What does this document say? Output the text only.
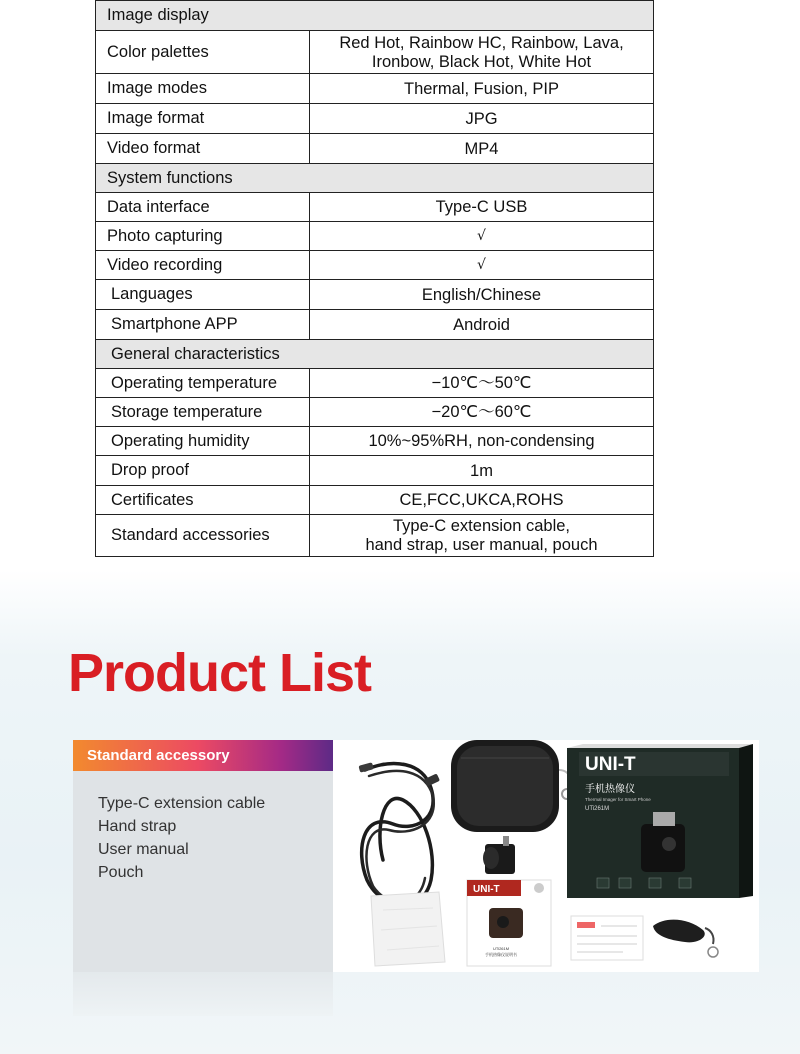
Image display
Color palettes	Red Hot, Rainbow HC, Rainbow, Lava,
Ironbow, Black Hot, White Hot
Image modes	Thermal, Fusion, PIP
Image format	JPG
Video format	MP4
System functions
Data interface	Type-C USB
Photo capturing	√
Video recording	√
Languages	English/Chinese
Smartphone APP	Android
General characteristics
Operating temperature	−10℃～50℃
Storage temperature	−20℃～60℃
Operating humidity	10%~95%RH, non-condensing
Drop proof	1m
Certificates	CE,FCC,UKCA,ROHS
Standard accessories	Type-C extension cable,
hand strap, user manual, pouch
Product List
Standard accessory
Type-C extension cable
Hand strap
User manual
Pouch
UNI-T
手机热像仪
Thermal Imager for Smart Phone
UTi261M
UNI-T
UTi261M
手机热像仪说明书
